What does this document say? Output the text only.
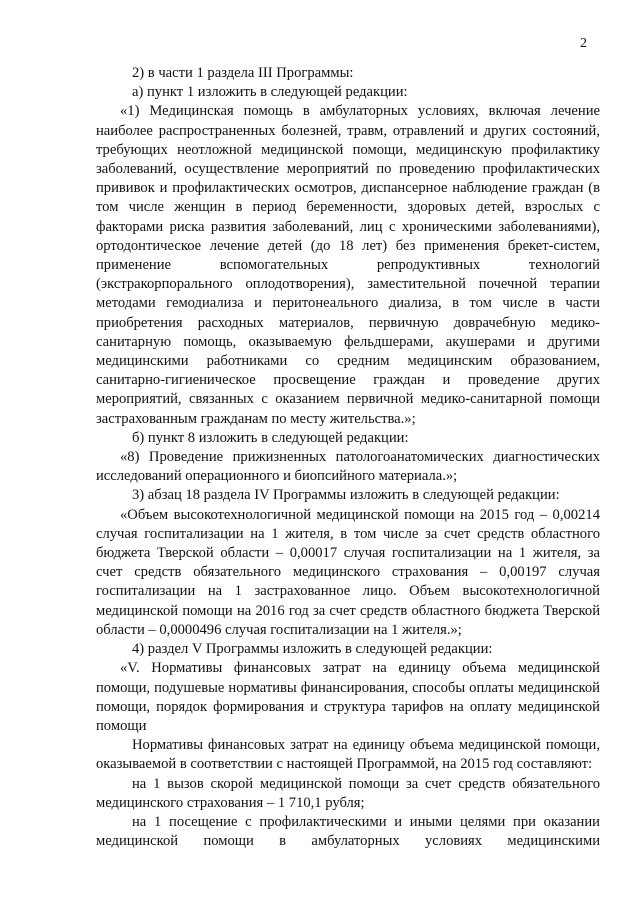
2

2) в части 1 раздела III Программы:

а) пункт 1 изложить в следующей редакции:

«1) Медицинская помощь в амбулаторных условиях, включая лечение наиболее распространенных болезней, травм, отравлений и других состояний, требующих неотложной медицинской помощи, медицинскую профилактику заболеваний, осуществление мероприятий по проведению профилактических прививок и профилактических осмотров, диспансерное наблюдение граждан (в том числе женщин в период беременности, здоровых детей, взрослых с факторами риска развития заболеваний, лиц с хроническими заболеваниями), ортодонтическое лечение детей (до 18 лет) без применения брекет-систем, применение вспомогательных репродуктивных технологий (экстракорпорального оплодотворения), заместительной почечной терапии методами гемодиализа и перитонеального диализа, в том числе в части приобретения расходных материалов, первичную доврачебную медико-санитарную помощь, оказываемую фельдшерами, акушерами и другими медицинскими работниками со средним медицинским образованием, санитарно-гигиеническое просвещение граждан и проведение других мероприятий, связанных с оказанием первичной медико-санитарной помощи застрахованным гражданам по месту жительства.»;

б) пункт 8 изложить в следующей редакции:

«8) Проведение прижизненных патологоанатомических диагностических исследований операционного и биопсийного материала.»;

3) абзац 18 раздела IV Программы изложить в следующей редакции:

«Объем высокотехнологичной медицинской помощи на 2015 год – 0,00214 случая госпитализации на 1 жителя, в том числе за счет средств областного бюджета Тверской области – 0,00017 случая госпитализации на 1 жителя, за счет средств обязательного медицинского страхования – 0,00197 случая госпитализации на 1 застрахованное лицо. Объем высокотехнологичной медицинской помощи на 2016 год за счет средств областного бюджета Тверской области – 0,0000496 случая госпитализации на 1 жителя.»;

4) раздел V Программы изложить в следующей редакции:

«V. Нормативы финансовых затрат на единицу объема медицинской помощи, подушевые нормативы финансирования, способы оплаты медицинской помощи, порядок формирования и структура тарифов на оплату медицинской помощи

Нормативы финансовых затрат на единицу объема медицинской помощи, оказываемой в соответствии с настоящей Программой, на 2015 год составляют:

на 1 вызов скорой медицинской помощи за счет средств обязательного медицинского страхования – 1 710,1 рубля;

на 1 посещение с профилактическими и иными целями при оказании медицинской помощи в амбулаторных условиях медицинскими
